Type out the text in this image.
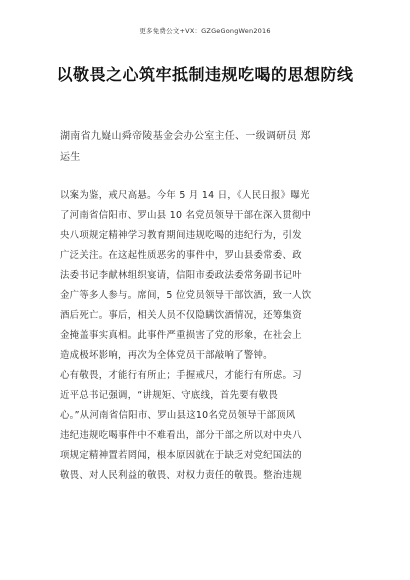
更多免费公文+VX：GZGeGongWen2016
以敬畏之心筑牢抵制违规吃喝的思想防线
湖南省九嶷山舜帝陵基金会办公室主任、一级调研员 郑
运生
以案为鉴，戒尺高悬。今年 5 月 14 日，《人民日报》曝光
了河南省信阳市、罗山县 10 名党员领导干部在深入贯彻中
央八项规定精神学习教育期间违规吃喝的违纪行为，引发
广泛关注。在这起性质恶劣的事件中，罗山县委常委、政
法委书记李献林组织宴请，信阳市委政法委常务副书记叶
金广等多人参与。席间，5 位党员领导干部饮酒，致一人饮
酒后死亡。事后，相关人员不仅隐瞒饮酒情况，还筹集资
金掩盖事实真相。此事件严重损害了党的形象，在社会上
造成极坏影响，再次为全体党员干部敲响了警钟。
心有敬畏，才能行有所止；手握戒尺，才能行有所虑。习
近平总书记强调，“讲规矩、守底线，首先要有敬畏
心。”从河南省信阳市、罗山县这10名党员领导干部顶风
违纪违规吃喝事件中不难看出，部分干部之所以对中央八
项规定精神置若罔闻，根本原因就在于缺乏对党纪国法的
敬畏、对人民利益的敬畏、对权力责任的敬畏。整治违规
